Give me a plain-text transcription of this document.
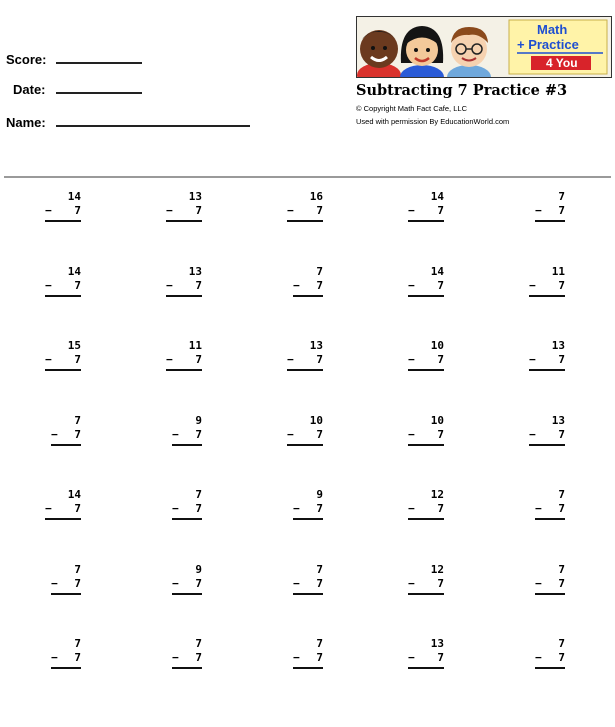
Score:
Date:
Name:
Math
+ Practice
4 You
Subtracting 7 Practice #3
© Copyright Math Fact Cafe, LLC
Used with permission By EducationWorld.com
14
− 7
13
− 7
16
− 7
14
− 7
7
− 7
14
− 7
13
− 7
7
− 7
14
− 7
11
− 7
15
− 7
11
− 7
13
− 7
10
− 7
13
− 7
7
− 7
9
− 7
10
− 7
10
− 7
13
− 7
14
− 7
7
− 7
9
− 7
12
− 7
7
− 7
7
− 7
9
− 7
7
− 7
12
− 7
7
− 7
7
− 7
7
− 7
7
− 7
13
− 7
7
− 7
